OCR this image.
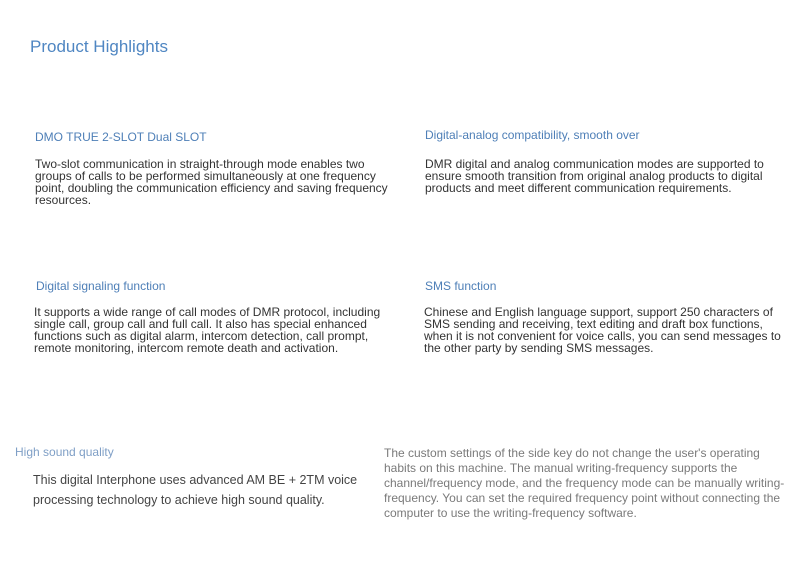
Product Highlights
DMO TRUE 2-SLOT Dual SLOT
Two-slot communication in straight-through mode enables two groups of calls to be performed simultaneously at one frequency point, doubling the communication efficiency and saving frequency resources.
Digital-analog compatibility, smooth over
DMR digital and analog communication modes are supported to ensure smooth transition from original analog products to digital products and meet different communication requirements.
Digital signaling function
It supports a wide range of call modes of DMR protocol, including single call, group call and full call. It also has special enhanced functions such as digital alarm, intercom detection, call prompt, remote monitoring, intercom remote death and activation.
SMS function
Chinese and English language support, support 250 characters of SMS sending and receiving, text editing and draft box functions, when it is not convenient for voice calls, you can send messages to the other party by sending SMS messages.
High sound quality
This digital Interphone uses advanced AM BE + 2TM voice processing technology to achieve high sound quality.
The custom settings of the side key do not change the user's operating habits on this machine. The manual writing-frequency supports the channel/frequency mode, and the frequency mode can be manually writing-frequency. You can set the required frequency point without connecting the computer to use the writing-frequency software.
